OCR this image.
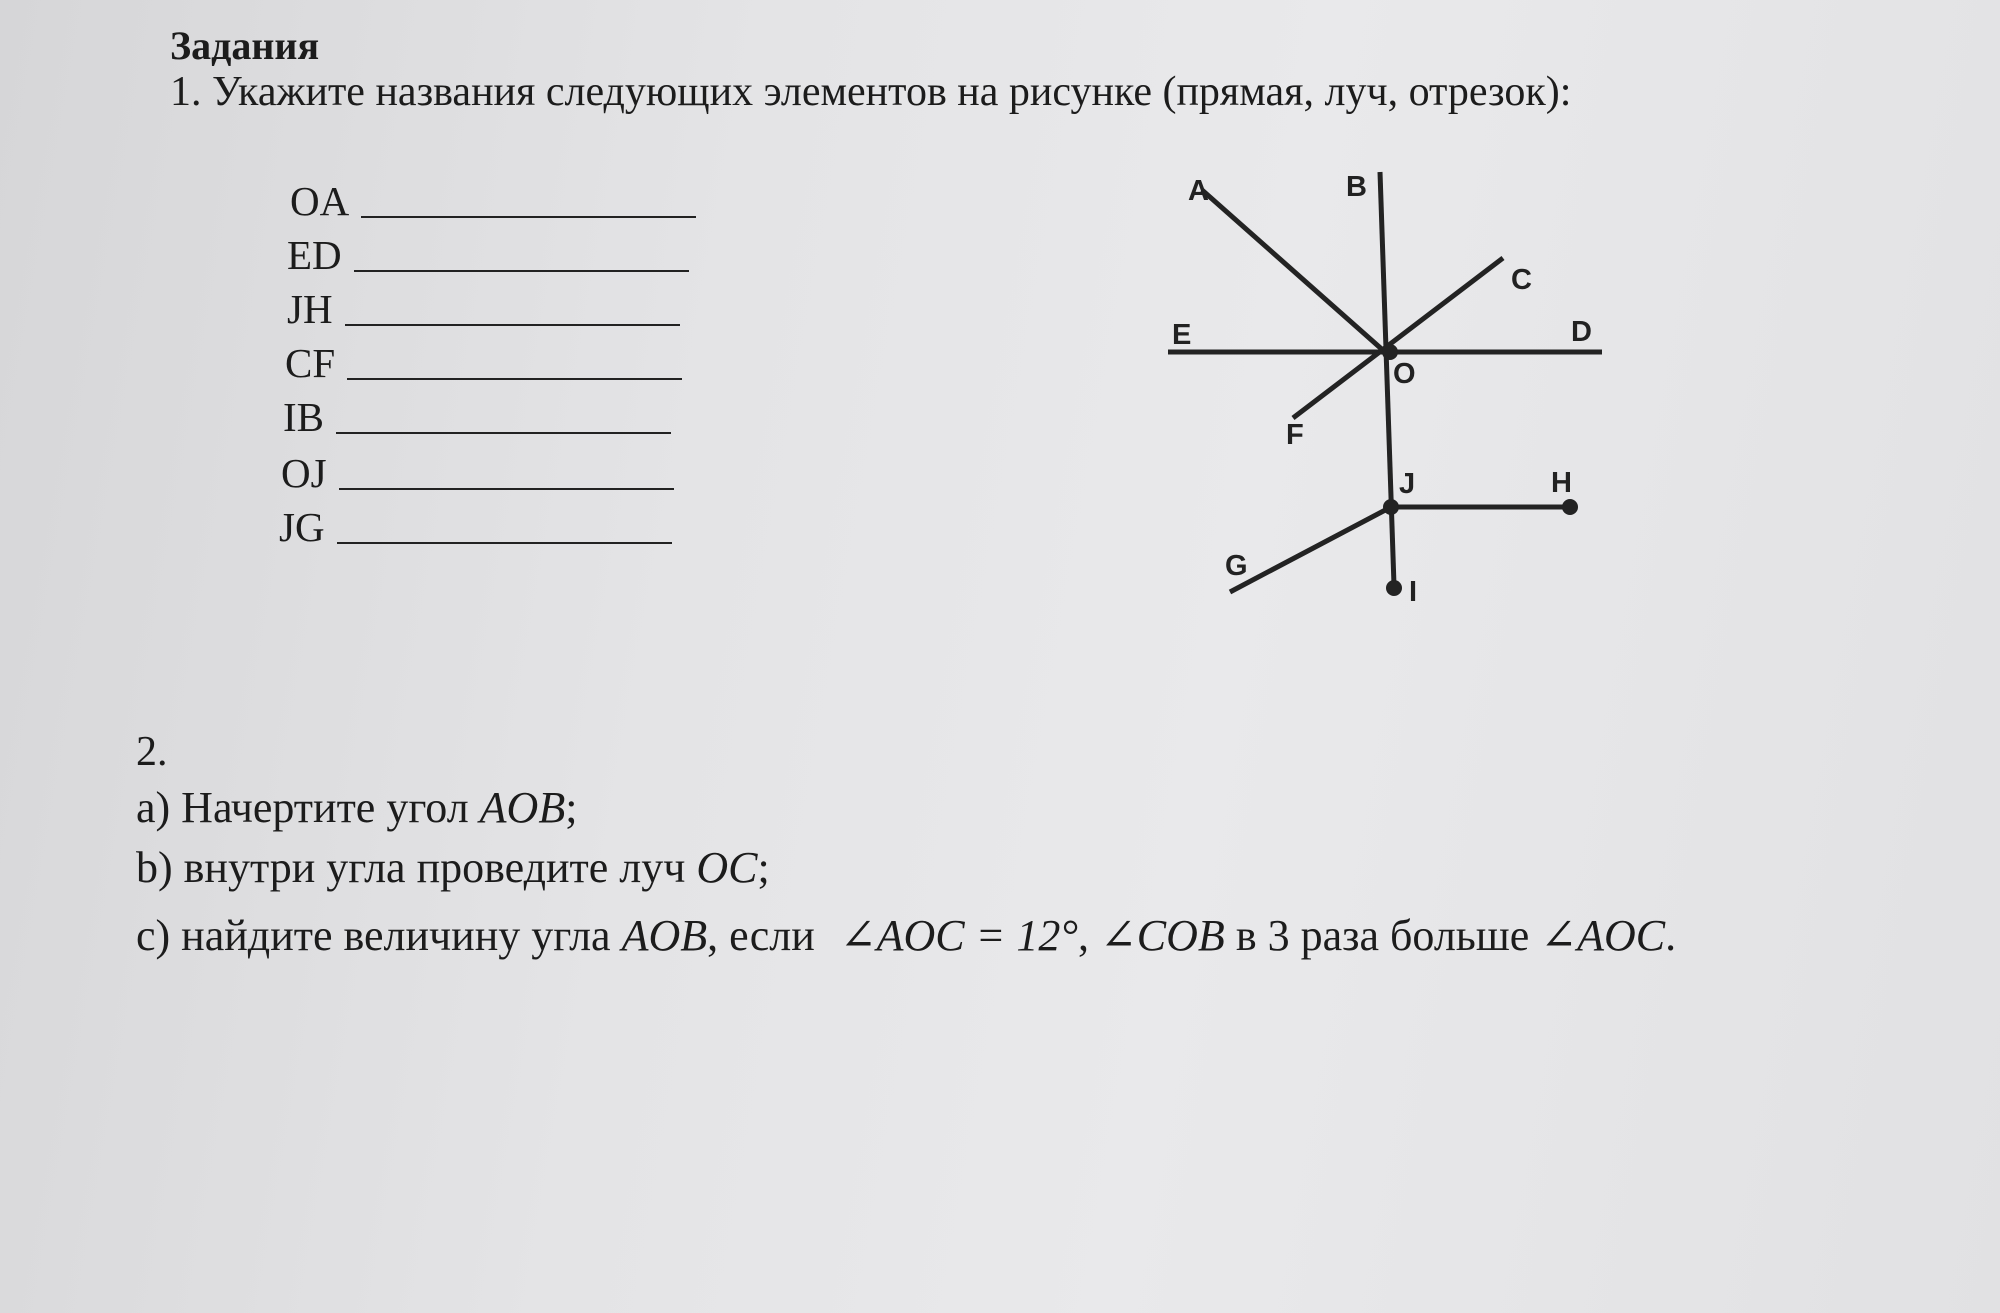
Задания
1. Укажите названия следующих элементов на рисунке (прямая, луч, отрезок):
OA
ED
JH
CF
IB
OJ
JG
A	B
C
D
E
F
G
H
I
J
O
2.
a) Начертите угол AOB;
b) внутри угла проведите луч OC;
c) найдите величину угла AOB, если ∠AOC = 12°, ∠COB в 3 раза больше ∠AOC.
